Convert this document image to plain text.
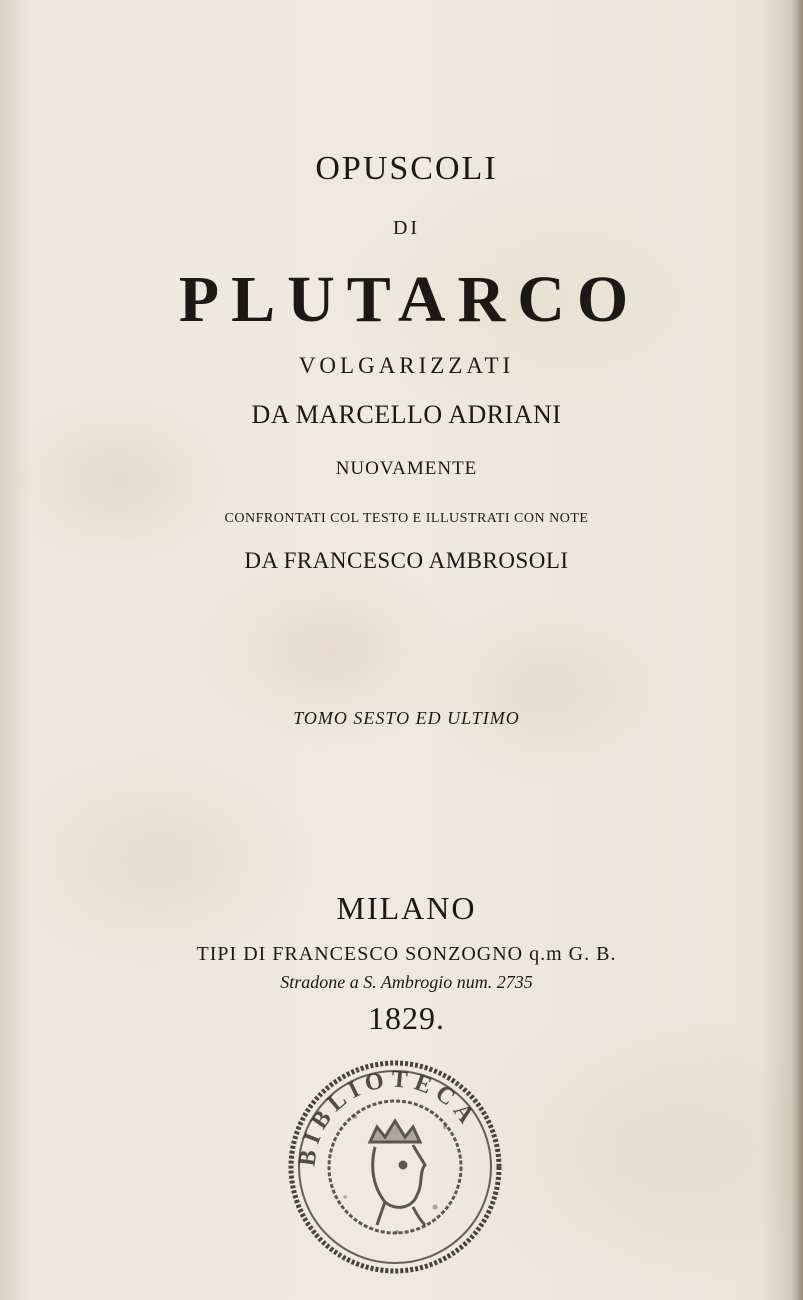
OPUSCOLI
DI
PLUTARCO
VOLGARIZZATI
DA MARCELLO ADRIANI
NUOVAMENTE
CONFRONTATI COL TESTO E ILLUSTRATI CON NOTE
DA FRANCESCO AMBROSOLI
TOMO SESTO ED ULTIMO
MILANO
TIPI DI FRANCESCO SONZOGNO q.m G. B.
Stradone a S. Ambrogio num. 2735
1829.
BIBLIOTECA
